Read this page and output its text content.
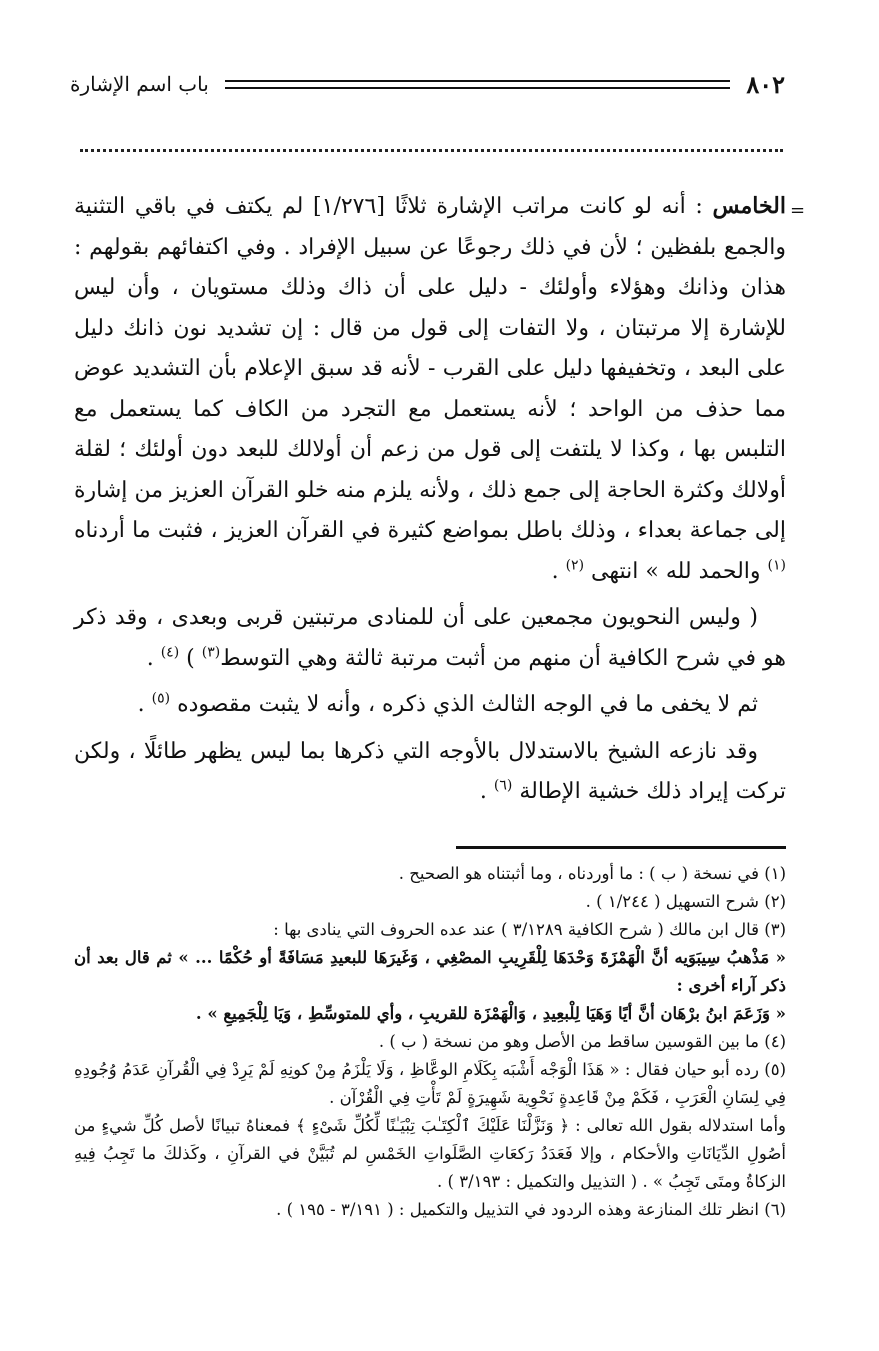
٨٠٢
باب اسم الإشارة
=

الخامس : أنه لو كانت مراتب الإشارة ثلاثًا [١/٢٧٦] لم يكتف في باقي التثنية والجمع بلفظين ؛ لأن في ذلك رجوعًا عن سبيل الإفراد . وفي اكتفائهم بقولهم : هذان وذانك وهؤلاء وأولئك - دليل على أن ذاك وذلك مستويان ، وأن ليس للإشارة إلا مرتبتان ، ولا التفات إلى قول من قال : إن تشديد نون ذانك دليل على البعد ، وتخفيفها دليل على القرب - لأنه قد سبق الإعلام بأن التشديد عوض مما حذف من الواحد ؛ لأنه يستعمل مع التجرد من الكاف كما يستعمل مع التلبس بها ، وكذا لا يلتفت إلى قول من زعم أن أولالك للبعد دون أولئك ؛ لقلة أولالك وكثرة الحاجة إلى جمع ذلك ، ولأنه يلزم منه خلو القرآن العزيز من إشارة إلى جماعة بعداء ، وذلك باطل بمواضع كثيرة في القرآن العزيز ، فثبت ما أردناه $^{(١)}$ والحمد لله » انتهى $^{(٢)}$ .

( وليس النحويون مجمعين على أن للمنادى مرتبتين قربى وبعدى ، وقد ذكر هو في شرح الكافية أن منهم من أثبت مرتبة ثالثة وهي التوسط$^{(٣)}$ ) $^{(٤)}$ .

ثم لا يخفى ما في الوجه الثالث الذي ذكره ، وأنه لا يثبت مقصوده $^{(٥)}$ .

وقد نازعه الشيخ بالاستدلال بالأوجه التي ذكرها بما ليس يظهر طائلًا ، ولكن تركت إيراد ذلك خشية الإطالة $^{(٦)}$ .

(١) في نسخة ( ب ) : ما أوردناه ، وما أثبتناه هو الصحيح .

(٢) شرح التسهيل ( ١/٢٤٤ ) .

(٣) قال ابن مالك ( شرح الكافية ٣/١٢٨٩ ) عند عده الحروف التي ينادى بها :

« مَذْهبُ سِيبَوَيه أنَّ الْهَمْزَةَ وَحْدَهَا لِلْقَرِيبِ المصْغِي ، وَغَيرَهَا للبعيدِ مَسَافَةً أو حُكْمًا ... » ثم قال بعد أن ذكر آراء أخرى :

« وَزَعَمَ ابنُ برْهَان أنَّ أيًا وَهَيَا لِلْبعِيدِ ، وَالْهَمْزَة للقريبِ ، وأي للمتوسِّطِ ، وَيَا لِلْجَمِيعِ » .

(٤) ما بين القوسين ساقط من الأصل وهو من نسخة ( ب ) .

(٥) رده أبو حيان فقال : « هَذَا الْوَجْه أَشْبَه بِكَلَامِ الوعَّاظِ ، وَلَا يَلْزَمُ مِنْ كونِهِ لَمْ يَرِدْ فِي الْقُرآنِ عَدَمُ وُجُودِهِ فِي لِسَانِ الْعَرَبِ ، فَكَمْ مِنْ قَاعِدةٍ نَحْوِية شَهِيرَةٍ لَمْ تَأْتِ فِي الْقُرْآن .

وأما استدلاله بقول الله تعالى : ﴿ وَنَزَّلْنَا عَلَيْكَ ٱلْكِتَـٰبَ تِبْيَـٰنًا لِّكُلِّ شَىْءٍ ﴾ فمعناهُ تبيانًا لأصل كُلِّ شيءٍ من أصُولِ الدِّيَانَاتِ والأحكام ، وإلا فَعَدَدُ رَكعَاتِ الصَّلَواتِ الخَمْسِ لم تُبَيَّنْ في القرآنِ ، وكَذلكَ ما تَجِبُ فِيهِ الزكاةُ ومتَى تَجِبُ » . ( التذييل والتكميل : ٣/١٩٣ ) .

(٦) انظر تلك المنازعة وهذه الردود في التذييل والتكميل : ( ٣/١٩١ - ١٩٥ ) .
